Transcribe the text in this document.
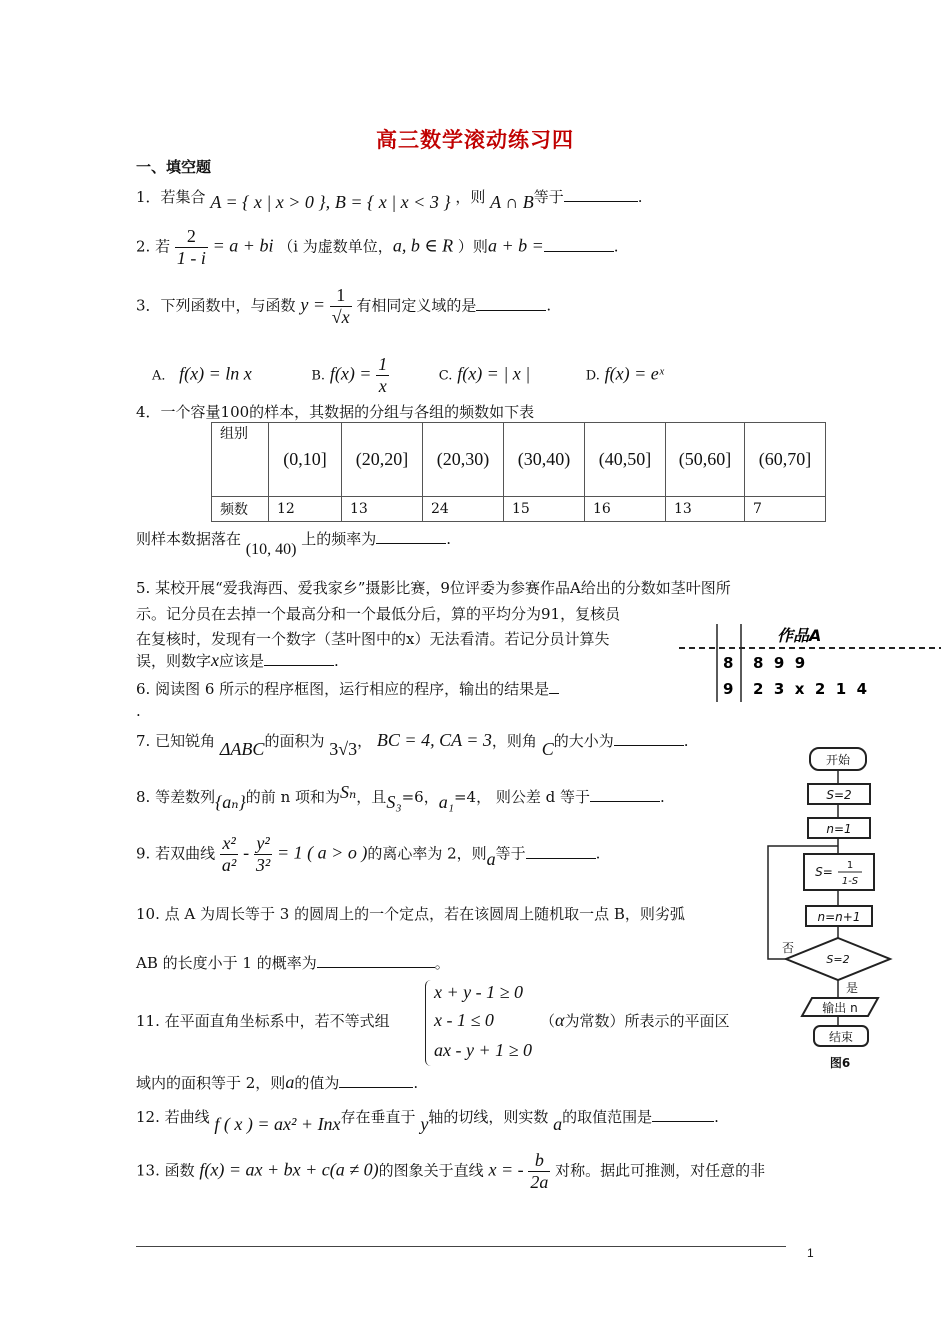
高三数学滚动练习四
一、填空题
1．若集合 A = { x | x > 0 }, B = { x | x < 3 } ，则 A ∩ B等于	.
2. 若 $\frac{2}{1 - i} = a$ + bi （i 为虚数单位，a, b ∈ R ）则a + b =	.
3．下列函数中，与函数 $y = \frac{1}{√x}$ 有相同定义域的是	.
A． f(x) = ln x	B. $f(x) = \frac{1}{x}$	C. f(x) = | x |	D. f(x) = eˣ
4．一个容量100的样本，其数据的分组与各组的频数如下表
组别	(0,10]	(20,20]	(20,30)	(30,40)	(40,50]	(50,60]	(60,70]
频数	12	13	24	15	16	13	7
则样本数据落在 (10, 40) 上的频率为	.
5. 某校开展“爱我海西、爱我家乡”摄影比赛，9位评委为参赛作品A给出的分数如茎叶图所
示。记分员在去掉一个最高分和一个最低分后，算的平均分为91，复核员
在复核时，发现有一个数字（茎叶图中的x）无法看清。若记分员计算失
误，则数字x应该是	.
作品A
8 8  9  9
9 2  3  x  2  1  4
6. 阅读图 6 所示的程序框图，运行相应的程序，输出的结果是
.
7. 已知锐角 ΔABC的面积为 3√3， BC = 4, CA = 3，则角 C的大小为	.
开始
S=2
n=1
S= 1
1-S
n=n+1
S=2
否
是
输出 n
结束
图6
8. 等差数列{aₙ}的前 n 项和为Sₙ，且S₃=6，a₁=4， 则公差 d 等于	.
9. 若双曲线 $\frac{\text{x²}}{\text{a²}} - \frac{\text{y²}}{\text{3²}} = 1$ ( a > o )的离心率为 2，则a等于	.
10. 点 A 为周长等于 3 的圆周上的一个定点，若在该圆周上随机取一点 B，则劣弧
AB 的长度小于 1 的概率为	。
11. 在平面直角坐标系中，若不等式组
x + y - 1 ≥ 0
x - 1 ≤ 0
ax - y + 1 ≥ 0
（α为常数）所表示的平面区
域内的面积等于 2，则a的值为	.
12. 若曲线 f ( x ) = ax² + Inx存在垂直于 y轴的切线，则实数 a的取值范围是	.
13. 函数 f(x) = ax + bx + c(a ≠ 0)的图象关于直线 x = - $\frac{b}{2a}$ 对称。据此可推测，对任意的非
1
